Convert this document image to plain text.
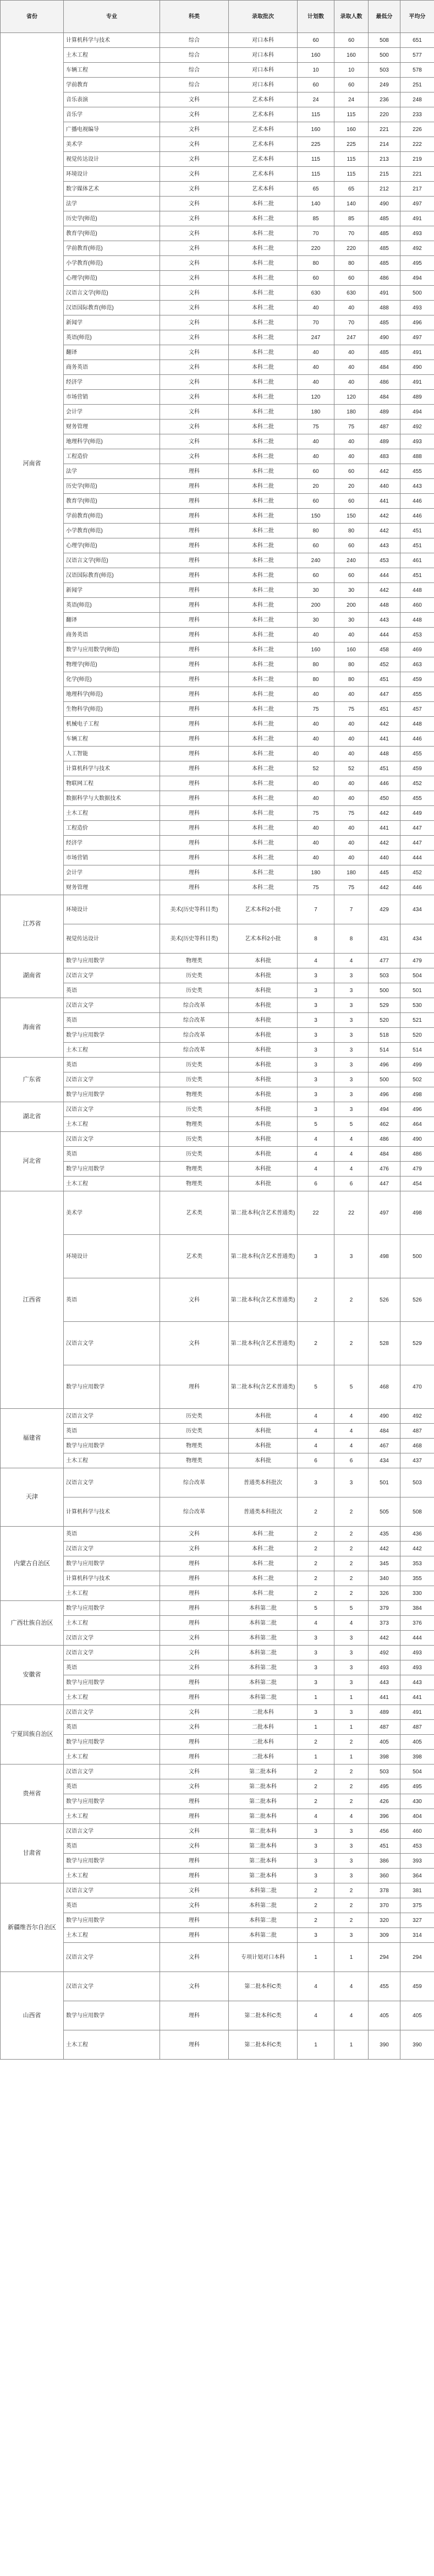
省份	专业	科类	录取批次	计划数	录取人数	最低分	平均分
河南省	计算机科学与技术	综合	对口本科	60	60	508	651
	土木工程	综合	对口本科	160	160	500	577
	车辆工程	综合	对口本科	10	10	503	578
	学前教育	综合	对口本科	60	60	249	251
	音乐表演	文科	艺术本科	24	24	236	248
	音乐学	文科	艺术本科	115	115	220	233
	广播电视编导	文科	艺术本科	160	160	221	226
	美术学	文科	艺术本科	225	225	214	222
	视觉传达设计	文科	艺术本科	115	115	213	219
	环境设计	文科	艺术本科	115	115	215	221
	数字媒体艺术	文科	艺术本科	65	65	212	217
	法学	文科	本科二批	140	140	490	497
	历史学(师范)	文科	本科二批	85	85	485	491
	教育学(师范)	文科	本科二批	70	70	485	493
	学前教育(师范)	文科	本科二批	220	220	485	492
	小学教育(师范)	文科	本科二批	80	80	485	495
	心理学(师范)	文科	本科二批	60	60	486	494
	汉语言文学(师范)	文科	本科二批	630	630	491	500
	汉语国际教育(师范)	文科	本科二批	40	40	488	493
	新闻学	文科	本科二批	70	70	485	496
	英语(师范)	文科	本科二批	247	247	490	497
	翻译	文科	本科二批	40	40	485	491
	商务英语	文科	本科二批	40	40	484	490
	经济学	文科	本科二批	40	40	486	491
	市场营销	文科	本科二批	120	120	484	489
	会计学	文科	本科二批	180	180	489	494
	财务管理	文科	本科二批	75	75	487	492
	地理科学(师范)	文科	本科二批	40	40	489	493
	工程造价	文科	本科二批	40	40	483	488
	法学	理科	本科二批	60	60	442	455
	历史学(师范)	理科	本科二批	20	20	440	443
	教育学(师范)	理科	本科二批	60	60	441	446
	学前教育(师范)	理科	本科二批	150	150	442	446
	小学教育(师范)	理科	本科二批	80	80	442	451
	心理学(师范)	理科	本科二批	60	60	443	451
	汉语言文学(师范)	理科	本科二批	240	240	453	461
	汉语国际教育(师范)	理科	本科二批	60	60	444	451
	新闻学	理科	本科二批	30	30	442	448
	英语(师范)	理科	本科二批	200	200	448	460
	翻译	理科	本科二批	30	30	443	448
	商务英语	理科	本科二批	40	40	444	453
	数学与应用数学(师范)	理科	本科二批	160	160	458	469
	物理学(师范)	理科	本科二批	80	80	452	463
	化学(师范)	理科	本科二批	80	80	451	459
	地理科学(师范)	理科	本科二批	40	40	447	455
	生物科学(师范)	理科	本科二批	75	75	451	457
	机械电子工程	理科	本科二批	40	40	442	448
	车辆工程	理科	本科二批	40	40	441	446
	人工智能	理科	本科二批	40	40	448	455
	计算机科学与技术	理科	本科二批	52	52	451	459
	物联网工程	理科	本科二批	40	40	446	452
	数据科学与大数据技术	理科	本科二批	40	40	450	455
	土木工程	理科	本科二批	75	75	442	449
	工程造价	理科	本科二批	40	40	441	447
	经济学	理科	本科二批	40	40	442	447
	市场营销	理科	本科二批	40	40	440	444
	会计学	理科	本科二批	180	180	445	452
	财务管理	理科	本科二批	75	75	442	446
江苏省	环境设计	美术(历史等科目类)	艺术本科2小批	7	7	429	434
	视觉传达设计	美术(历史等科目类)	艺术本科2小批	8	8	431	434
湖南省	数学与应用数学	物理类	本科批	4	4	477	479
	汉语言文学	历史类	本科批	3	3	503	504
	英语	历史类	本科批	3	3	500	501
海南省	汉语言文学	综合改革	本科批	3	3	529	530
	英语	综合改革	本科批	3	3	520	521
	数学与应用数学	综合改革	本科批	3	3	518	520
	土木工程	综合改革	本科批	3	3	514	514
广东省	英语	历史类	本科批	3	3	496	499
	汉语言文学	历史类	本科批	3	3	500	502
	数学与应用数学	物理类	本科批	3	3	496	498
湖北省	汉语言文学	历史类	本科批	3	3	494	496
	土木工程	物理类	本科批	5	5	462	464
河北省	汉语言文学	历史类	本科批	4	4	486	490
	英语	历史类	本科批	4	4	484	486
	数学与应用数学	物理类	本科批	4	4	476	479
	土木工程	物理类	本科批	6	6	447	454
江西省	美术学	艺术类	第二批本科(含艺术普通类)	22	22	497	498
	环境设计	艺术类	第二批本科(含艺术普通类)	3	3	498	500
	英语	文科	第二批本科(含艺术普通类)	2	2	526	526
	汉语言文学	文科	第二批本科(含艺术普通类)	2	2	528	529
	数学与应用数学	理科	第二批本科(含艺术普通类)	5	5	468	470
福建省	汉语言文学	历史类	本科批	4	4	490	492
	英语	历史类	本科批	4	4	484	487
	数学与应用数学	物理类	本科批	4	4	467	468
	土木工程	物理类	本科批	6	6	434	437
天津	汉语言文学	综合改革	普通类本科批次	3	3	501	503
	计算机科学与技术	综合改革	普通类本科批次	2	2	505	508
内蒙古自治区	英语	文科	本科二批	2	2	435	436
	汉语言文学	文科	本科二批	2	2	442	442
	数学与应用数学	理科	本科二批	2	2	345	353
	计算机科学与技术	理科	本科二批	2	2	340	355
	土木工程	理科	本科二批	2	2	326	330
广西壮族自治区	数学与应用数学	理科	本科第二批	5	5	379	384
	土木工程	理科	本科第二批	4	4	373	376
	汉语言文学	文科	本科第二批	3	3	442	444
安徽省	汉语言文学	文科	本科第二批	3	3	492	493
	英语	文科	本科第二批	3	3	493	493
	数学与应用数学	理科	本科第二批	3	3	443	443
	土木工程	理科	本科第二批	1	1	441	441
宁夏回族自治区	汉语言文学	文科	二批本科	3	3	489	491
	英语	文科	二批本科	1	1	487	487
	数学与应用数学	理科	二批本科	2	2	405	405
	土木工程	理科	二批本科	1	1	398	398
贵州省	汉语言文学	文科	第二批本科	2	2	503	504
	英语	文科	第二批本科	2	2	495	495
	数学与应用数学	理科	第二批本科	2	2	426	430
	土木工程	理科	第二批本科	4	4	396	404
甘肃省	汉语言文学	文科	第二批本科	3	3	456	460
	英语	文科	第二批本科	3	3	451	453
	数学与应用数学	理科	第二批本科	3	3	386	393
	土木工程	理科	第二批本科	3	3	360	364
新疆维吾尔自治区	汉语言文学	文科	本科第二批	2	2	378	381
	英语	文科	本科第二批	2	2	370	375
	数学与应用数学	理科	本科第二批	2	2	320	327
	土木工程	理科	本科第二批	3	3	309	314
	汉语言文学	文科	专项计划对口本科	1	1	294	294
山西省	汉语言文学	文科	第二批本科C类	4	4	455	459
	数学与应用数学	理科	第二批本科C类	4	4	405	405
	土木工程	理科	第二批本科C类	1	1	390	390
